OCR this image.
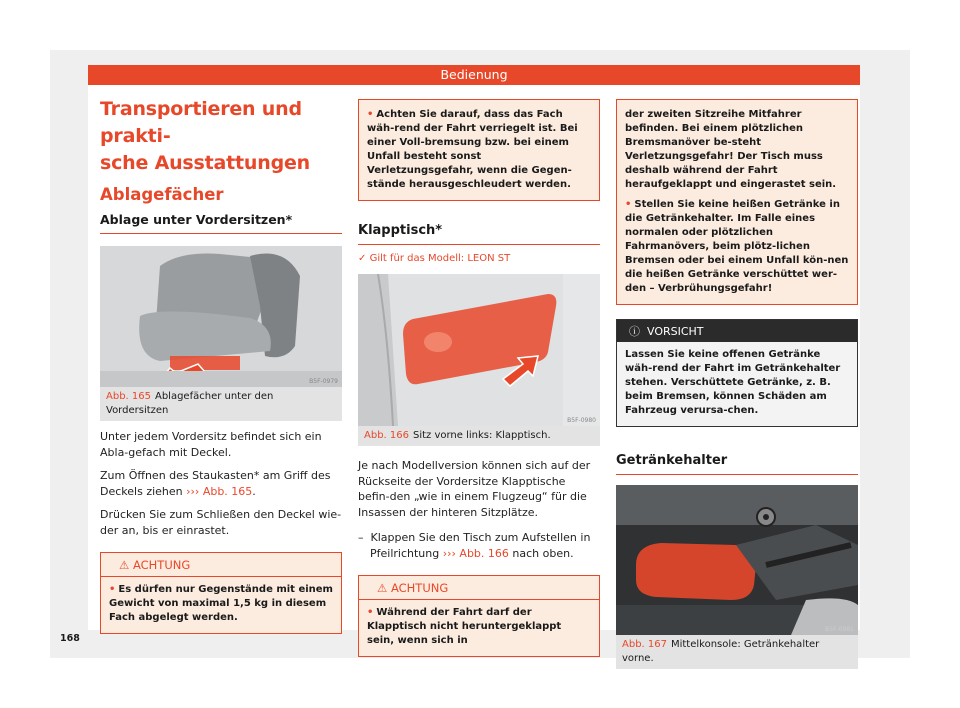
Bedienung
Transportieren und prakti-
sche Ausstattungen
Ablagefächer
Ablage unter Vordersitzen*
B5F-0979
Abb. 165 Ablagefächer unter den Vordersitzen
Unter jedem Vordersitz befindet sich ein Abla-gefach mit Deckel.
Zum Öffnen des Staukasten* am Griff des Deckels ziehen ››› Abb. 165.
Drücken Sie zum Schließen den Deckel wie-der an, bis er einrastet.
⚠ ACHTUNG
• Es dürfen nur Gegenstände mit einem Gewicht von maximal 1,5 kg in diesem Fach abgelegt werden.
• Achten Sie darauf, dass das Fach wäh-rend der Fahrt verriegelt ist. Bei einer Voll-bremsung bzw. bei einem Unfall besteht sonst Verletzungsgefahr, wenn die Gegen-stände herausgeschleudert werden.
Klapptisch*
✓ Gilt für das Modell: LEON ST
B5F-0980
Abb. 166 Sitz vorne links: Klapptisch.
Je nach Modellversion können sich auf der Rückseite der Vordersitze Klapptische befin-den „wie in einem Flugzeug“ für die Insassen der hinteren Sitzplätze.
–  Klappen Sie den Tisch zum Aufstellen in Pfeilrichtung ››› Abb. 166 nach oben.
⚠ ACHTUNG
• Während der Fahrt darf der Klapptisch nicht heruntergeklappt sein, wenn sich in
der zweiten Sitzreihe Mitfahrer befinden. Bei einem plötzlichen Bremsmanöver be-steht Verletzungsgefahr! Der Tisch muss deshalb während der Fahrt heraufgeklappt und eingerastet sein.
• Stellen Sie keine heißen Getränke in die Getränkehalter. Im Falle eines normalen oder plötzlichen Fahrmanövers, beim plötz-lichen Bremsen oder bei einem Unfall kön-nen die heißen Getränke verschüttet wer-den – Verbrühungsgefahr!
ⓘ VORSICHT
Lassen Sie keine offenen Getränke wäh-rend der Fahrt im Getränkehalter stehen. Verschüttete Getränke, z. B. beim Bremsen, können Schäden am Fahrzeug verursa-chen.
Getränkehalter
B5F-0981
Abb. 167 Mittelkonsole: Getränkehalter vorne.
168
